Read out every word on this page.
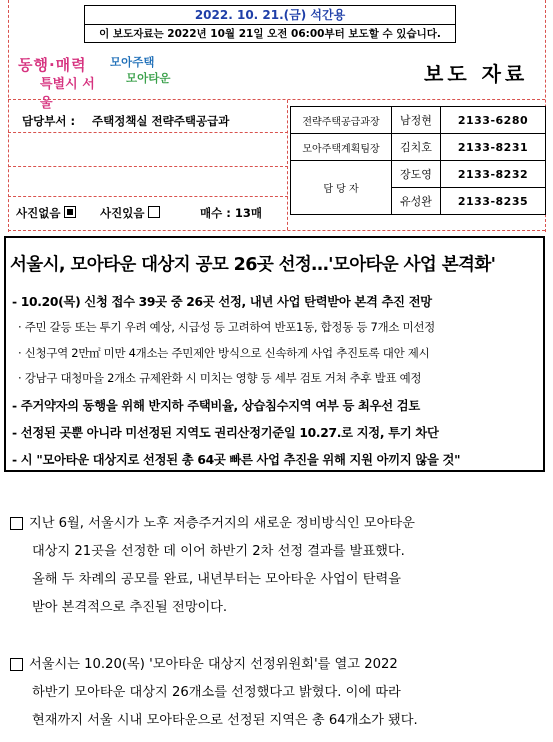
2022. 10. 21.(금) 석간용
이 보도자료는 2022년 10월 21일 오전 06:00부터 보도할 수 있습니다.
동행·매력
특별시 서울
모아주택
모아타운	보도 자료
담당부서 : 주택정책실 전략주택공급과
사진없음	사진있음	매수 : 13매
전략주택공급과장	남정현	2133-6280
모아주택계획팀장	김치호	2133-8231
담 당 자	장도영	2133-8232
	유성완	2133-8235
서울시, 모아타운 대상지 공모 26곳 선정…'모아타운 사업 본격화'
- 10.20(목) 신청 접수 39곳 중 26곳 선정, 내년 사업 탄력받아 본격 추진 전망
· 주민 갈등 또는 투기 우려 예상, 시급성 등 고려하여 반포1동, 합정동 등 7개소 미선정
· 신청구역 2만㎡ 미만 4개소는 주민제안 방식으로 신속하게 사업 추진토록 대안 제시
· 강남구 대청마을 2개소 규제완화 시 미치는 영향 등 세부 검토 거쳐 추후 발표 예정
- 주거약자의 동행을 위해 반지하 주택비율, 상습침수지역 여부 등 최우선 검토
- 선정된 곳뿐 아니라 미선정된 지역도 권리산정기준일 10.27.로 지정, 투기 차단
- 시 "모아타운 대상지로 선정된 총 64곳 빠른 사업 추진을 위해 지원 아끼지 않을 것"
지난 6월, 서울시가 노후 저층주거지의 새로운 정비방식인 모아타운
대상지 21곳을 선정한 데 이어 하반기 2차 선정 결과를 발표했다.
올해 두 차례의 공모를 완료, 내년부터는 모아타운 사업이 탄력을
받아 본격적으로 추진될 전망이다.
서울시는 10.20(목) '모아타운 대상지 선정위원회'를 열고 2022
하반기 모아타운 대상지 26개소를 선정했다고 밝혔다. 이에 따라
현재까지 서울 시내 모아타운으로 선정된 지역은 총 64개소가 됐다.
